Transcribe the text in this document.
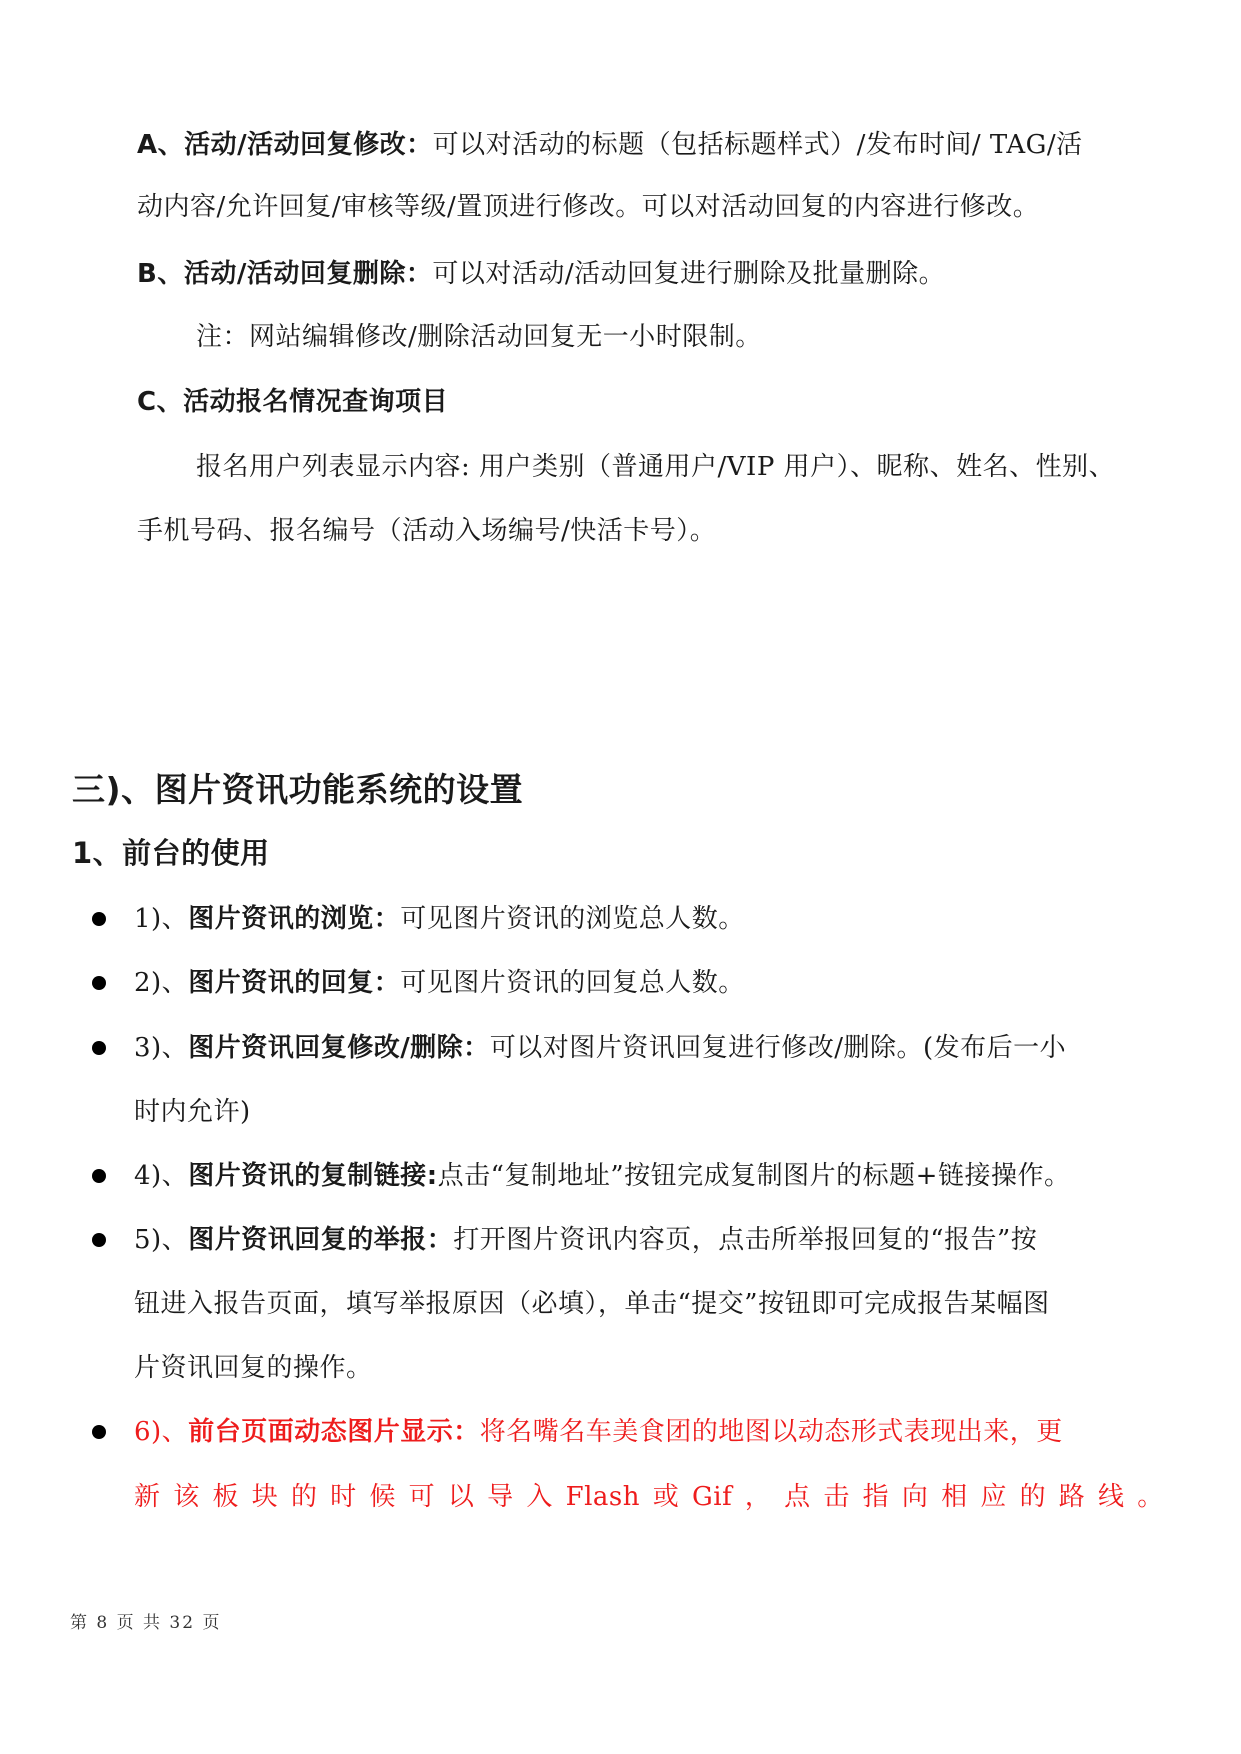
A、活动/活动回复修改：可以对活动的标题（包括标题样式）/发布时间/ TAG/活
动内容/允许回复/审核等级/置顶进行修改。可以对活动回复的内容进行修改。
B、活动/活动回复删除：可以对活动/活动回复进行删除及批量删除。
注：网站编辑修改/删除活动回复无一小时限制。
C、活动报名情况查询项目
报名用户列表显示内容: 用户类别（普通用户/VIP 用户）、昵称、姓名、性别、
手机号码、报名编号（活动入场编号/快活卡号）。
三)、图片资讯功能系统的设置
1、前台的使用
1)、图片资讯的浏览：可见图片资讯的浏览总人数。
2)、图片资讯的回复：可见图片资讯的回复总人数。
3)、图片资讯回复修改/删除：可以对图片资讯回复进行修改/删除。(发布后一小
时内允许)
4)、图片资讯的复制链接:点击“复制地址”按钮完成复制图片的标题+链接操作。
5)、图片资讯回复的举报：打开图片资讯内容页，点击所举报回复的“报告”按
钮进入报告页面，填写举报原因（必填），单击“提交”按钮即可完成报告某幅图
片资讯回复的操作。
6)、前台页面动态图片显示：将名嘴名车美食团的地图以动态形式表现出来，更
新 该 板 块 的 时 候 可 以 导 入 Flash 或 Gif ， 点 击 指 向 相 应 的 路 线 。
第 8 页 共 32 页
